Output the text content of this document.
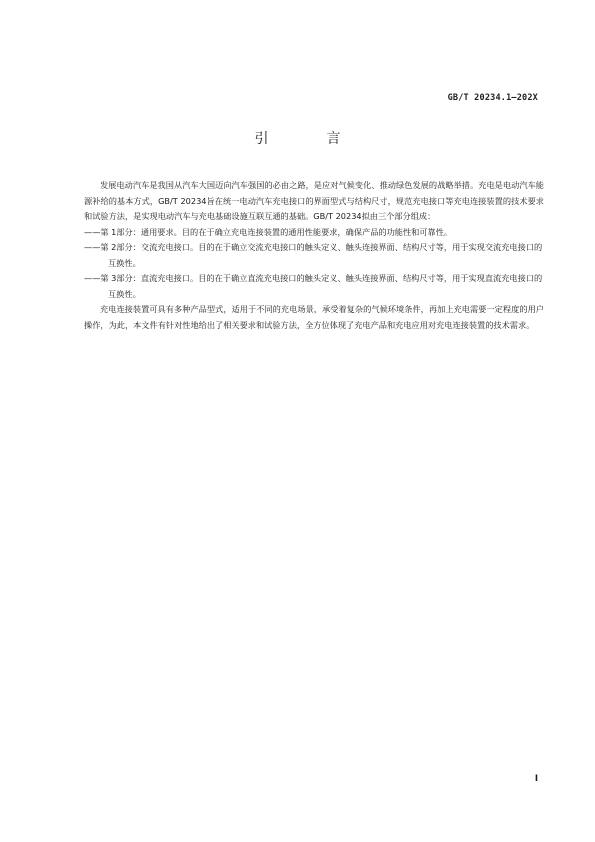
GB/T 20234.1—202X
引　言

发展电动汽车是我国从汽车大国迈向汽车强国的必由之路，是应对气候变化、推动绿色发展的战略举措。充电是电动汽车能源补给的基本方式，GB/T 20234旨在统一电动汽车充电接口的界面型式与结构尺寸，规范充电接口等充电连接装置的技术要求和试验方法，是实现电动汽车与充电基础设施互联互通的基础。GB/T 20234拟由三个部分组成：

——第 1部分：通用要求。目的在于确立充电连接装置的通用性能要求，确保产品的功能性和可靠性。

——第 2部分：交流充电接口。目的在于确立交流充电接口的触头定义、触头连接界面、结构尺寸等，用于实现交流充电接口的互换性。

——第 3部分：直流充电接口。目的在于确立直流充电接口的触头定义、触头连接界面、结构尺寸等，用于实现直流充电接口的互换性。

充电连接装置可具有多种产品型式，适用于不同的充电场景，承受着复杂的气候环境条件，再加上充电需要一定程度的用户操作，为此，本文件有针对性地给出了相关要求和试验方法，全方位体现了充电产品和充电应用对充电连接装置的技术需求。

Ⅰ
